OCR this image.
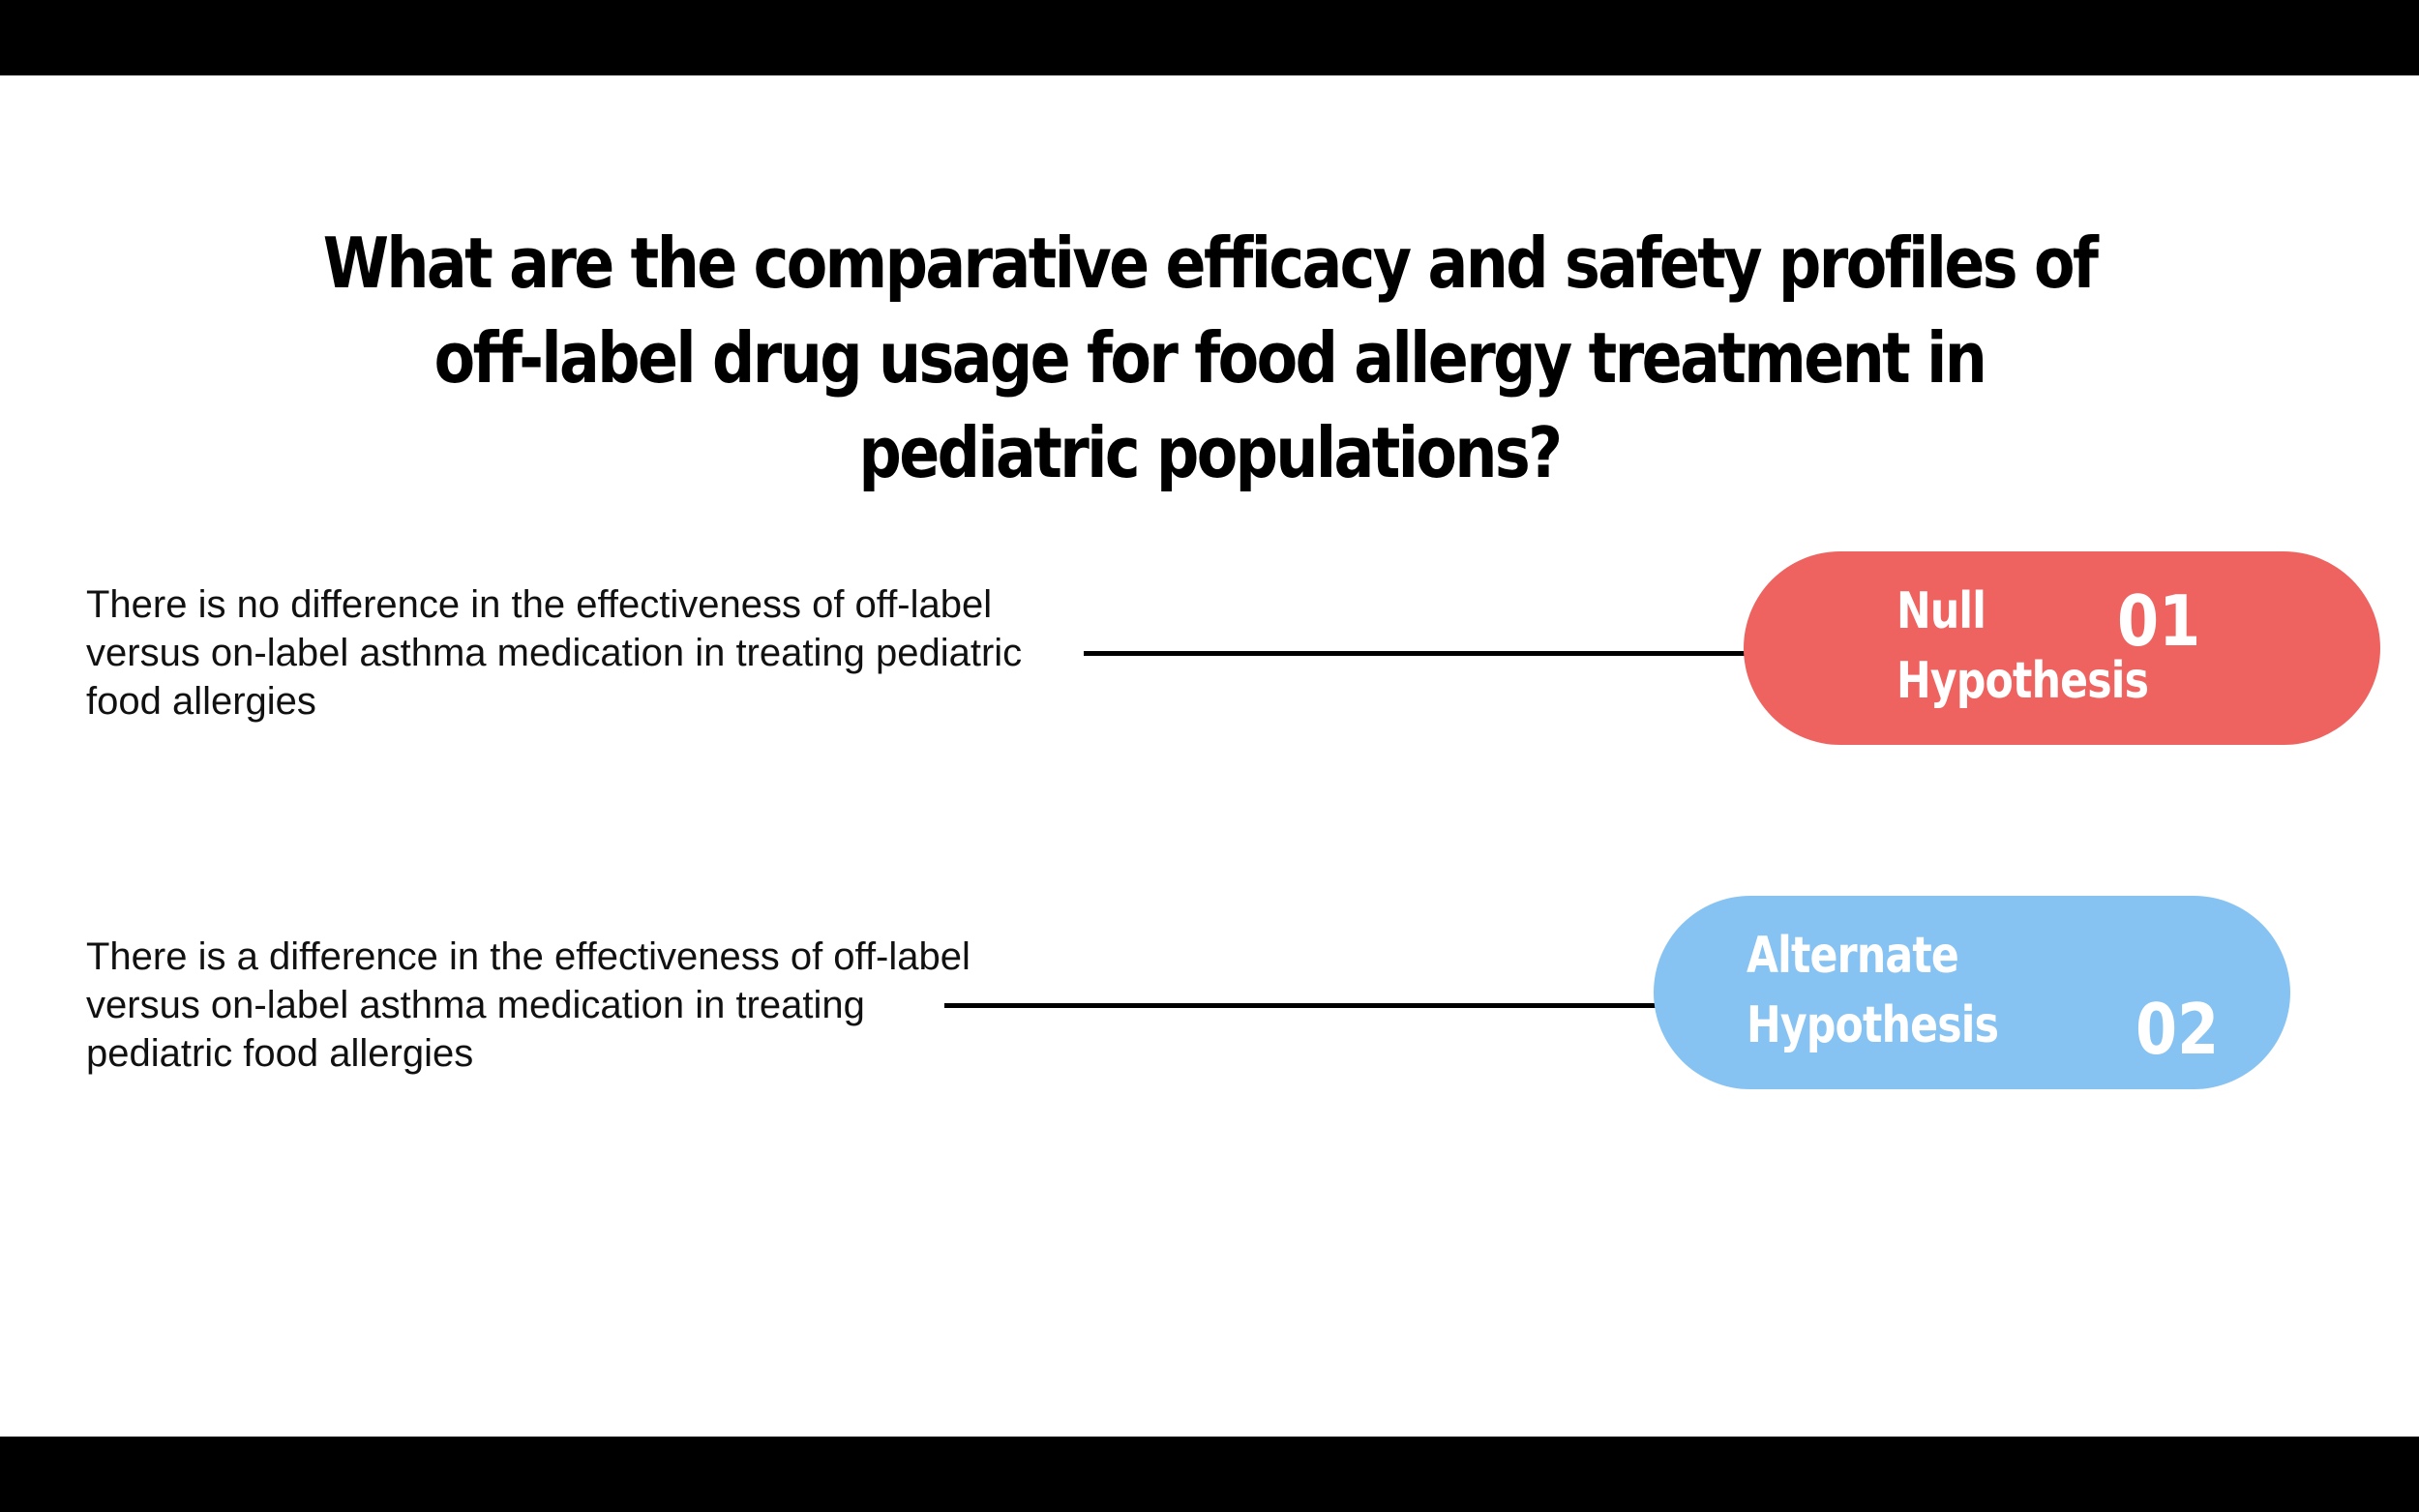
What are the comparative efficacy and safety profiles of off-label drug usage for food allergy treatment in pediatric populations?

There is no difference in the effectiveness of off-label versus on-label asthma medication in treating pediatric food allergies

Null
Hypothesis
01

There is a difference in the effectiveness of off-label versus on-label asthma medication in treating pediatric food allergies

Alternate
Hypothesis 02
